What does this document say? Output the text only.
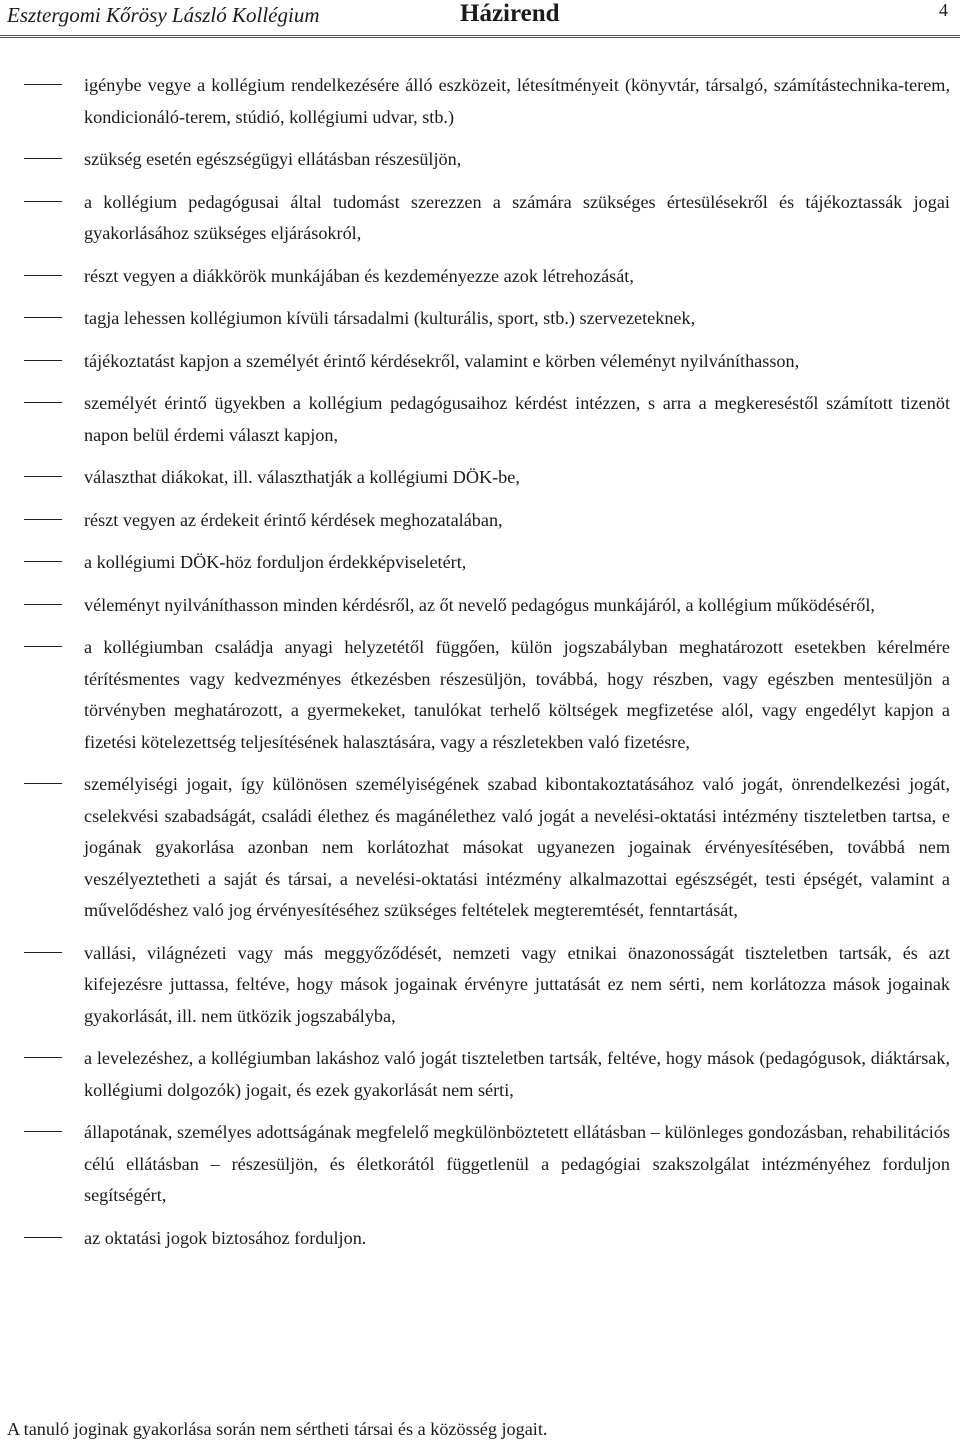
Esztergomi Kőrösy László Kollégium	Házirend	4
igénybe vegye a kollégium rendelkezésére álló eszközeit, létesítményeit (könyvtár, társalgó, számítástechnika-terem, kondicionáló-terem, stúdió, kollégiumi udvar, stb.)
szükség esetén egészségügyi ellátásban részesüljön,
a kollégium pedagógusai által tudomást szerezzen a számára szükséges értesülésekről és tájékoztassák jogai gyakorlásához szükséges eljárásokról,
részt vegyen a diákkörök munkájában és kezdeményezze azok létrehozását,
tagja lehessen kollégiumon kívüli társadalmi (kulturális, sport, stb.) szervezeteknek,
tájékoztatást kapjon a személyét érintő kérdésekről, valamint e körben véleményt nyilváníthasson,
személyét érintő ügyekben a kollégium pedagógusaihoz kérdést intézzen, s arra a megkereséstől számított tizenöt napon belül érdemi választ kapjon,
választhat diákokat, ill. választhatják a kollégiumi DÖK-be,
részt vegyen az érdekeit érintő kérdések meghozatalában,
a kollégiumi DÖK-höz forduljon érdekképviseletért,
véleményt nyilváníthasson minden kérdésről, az őt nevelő pedagógus munkájáról, a kollégium működéséről,
a kollégiumban családja anyagi helyzetétől függően, külön jogszabályban meghatározott esetekben kérelmére térítésmentes vagy kedvezményes étkezésben részesüljön, továbbá, hogy részben, vagy egészben mentesüljön a törvényben meghatározott, a gyermekeket, tanulókat terhelő költségek megfizetése alól, vagy engedélyt kapjon a fizetési kötelezettség teljesítésének halasztására, vagy a részletekben való fizetésre,
személyiségi jogait, így különösen személyiségének szabad kibontakoztatásához való jogát, önrendelkezési jogát, cselekvési szabadságát, családi élethez és magánélethez való jogát a nevelési-oktatási intézmény tiszteletben tartsa, e jogának gyakorlása azonban nem korlátozhat másokat ugyanezen jogainak érvényesítésében, továbbá nem veszélyeztetheti a saját és társai, a nevelési-oktatási intézmény alkalmazottai egészségét, testi épségét, valamint a művelődéshez való jog érvényesítéséhez szükséges feltételek megteremtését, fenntartását,
vallási, világnézeti vagy más meggyőződését, nemzeti vagy etnikai önazonosságát tiszteletben tartsák, és azt kifejezésre juttassa, feltéve, hogy mások jogainak érvényre juttatását ez nem sérti, nem korlátozza mások jogainak gyakorlását, ill. nem ütközik jogszabályba,
a levelezéshez, a kollégiumban lakáshoz való jogát tiszteletben tartsák, feltéve, hogy mások (pedagógusok, diáktársak, kollégiumi dolgozók) jogait, és ezek gyakorlását nem sérti,
állapotának, személyes adottságának megfelelő megkülönböztetett ellátásban – különleges gondozásban, rehabilitációs célú ellátásban – részesüljön, és életkorától függetlenül a pedagógiai szakszolgálat intézményéhez forduljon segítségért,
az oktatási jogok biztosához forduljon.
A tanuló joginak gyakorlása során nem sértheti társai és a közösség jogait.
